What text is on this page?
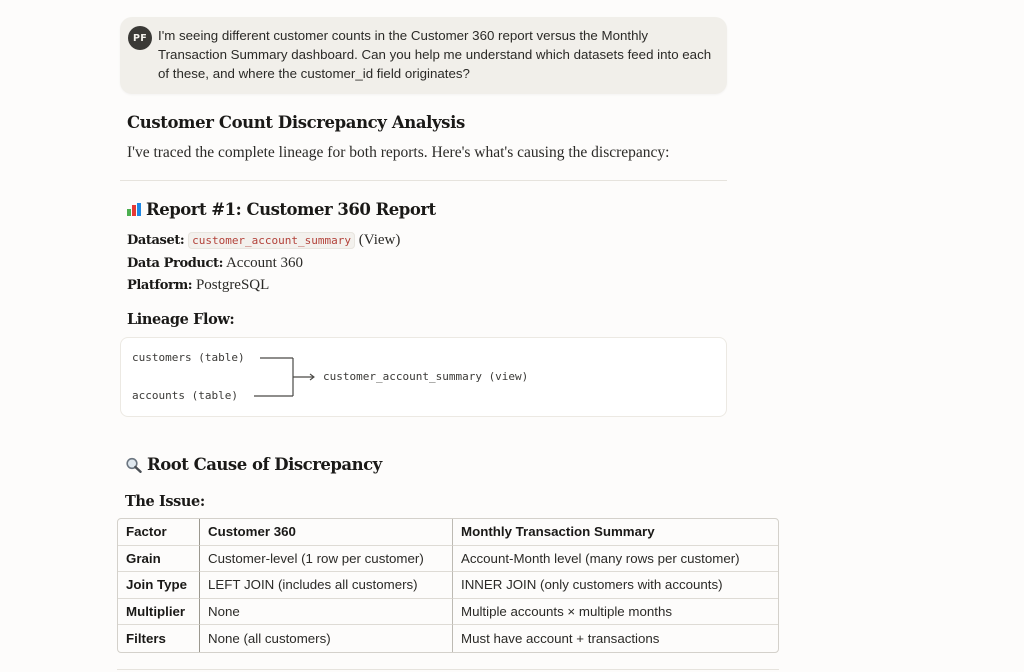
PF I'm seeing different customer counts in the Customer 360 report versus the Monthly Transaction Summary dashboard. Can you help me understand which datasets feed into each of these, and where the customer_id field originates?
Customer Count Discrepancy Analysis
I've traced the complete lineage for both reports. Here's what's causing the discrepancy:
Report #1: Customer 360 Report
Dataset: customer_account_summary (View)
Data Product: Account 360
Platform: PostgreSQL
Lineage Flow:
customers (table)
accounts (table)
customer_account_summary (view)
Root Cause of Discrepancy
The Issue:
Factor	Customer 360	Monthly Transaction Summary
Grain	Customer-level (1 row per customer)	Account-Month level (many rows per customer)
Join Type	LEFT JOIN (includes all customers)	INNER JOIN (only customers with accounts)
Multiplier	None	Multiple accounts × multiple months
Filters	None (all customers)	Must have account + transactions
